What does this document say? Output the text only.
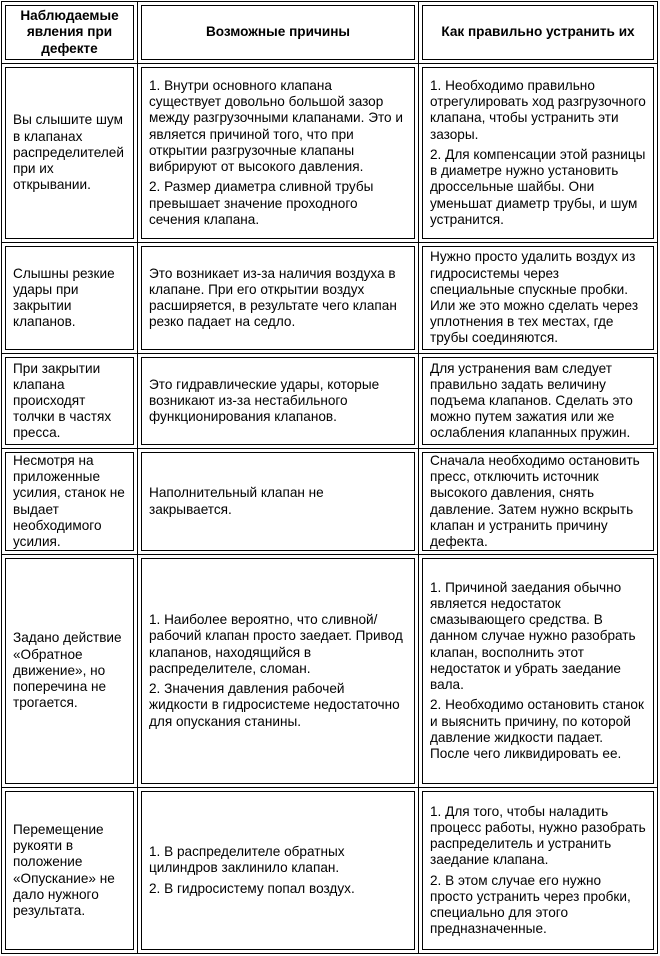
Наблюдаемые явления при дефекте
Возможные причины	Как правильно устранить их

Вы слышите шум в клапанах распределителей при их открывании.

1. Внутри основного клапана существует довольно большой зазор между разгрузочными клапанами. Это и является причиной того, что при открытии разгрузочные клапаны вибрируют от высокого давления.

2. Размер диаметра сливной трубы превышает значение проходного сечения клапана.

1. Необходимо правильно отрегулировать ход разгрузочного клапана, чтобы устранить эти зазоры.

2. Для компенсации этой разницы в диаметре нужно установить дроссельные шайбы. Они уменьшат диаметр трубы, и шум устранится.

Слышны резкие удары при закрытии клапанов.

Это возникает из-за наличия воздуха в клапане. При его открытии воздух расширяется, в результате чего клапан резко падает на седло.

Нужно просто удалить воздух из гидросистемы через специальные спускные пробки. Или же это можно сделать через уплотнения в тех местах, где трубы соединяются.

При закрытии клапана происходят толчки в частях пресса.

Это гидравлические удары, которые возникают из-за нестабильного функционирования клапанов.

Для устранения вам следует правильно задать величину подъема клапанов. Сделать это можно путем зажатия или же ослабления клапанных пружин.

Несмотря на приложенные усилия, станок не выдает необходимого усилия.

Наполнительный клапан не закрывается.

Сначала необходимо остановить пресс, отключить источник высокого давления, снять давление. Затем нужно вскрыть клапан и устранить причину дефекта.

Задано действие «Обратное движение», но поперечина не трогается.

1. Наиболее вероятно, что сливной/ рабочий клапан просто заедает. Привод клапанов, находящийся в распределителе, сломан.

2. Значения давления рабочей жидкости в гидросистеме недостаточно для опускания станины.

1. Причиной заедания обычно является недостаток смазывающего средства. В данном случае нужно разобрать клапан, восполнить этот недостаток и убрать заедание вала.

2. Необходимо остановить станок и выяснить причину, по которой давление жидкости падает. После чего ликвидировать ее.

Перемещение рукояти в положение «Опускание» не дало нужного результата.

1. В распределителе обратных цилиндров заклинило клапан.

2. В гидросистему попал воздух.

1. Для того, чтобы наладить процесс работы, нужно разобрать распределитель и устранить заедание клапана.

2. В этом случае его нужно просто устранить через пробки, специально для этого предназначенные.
